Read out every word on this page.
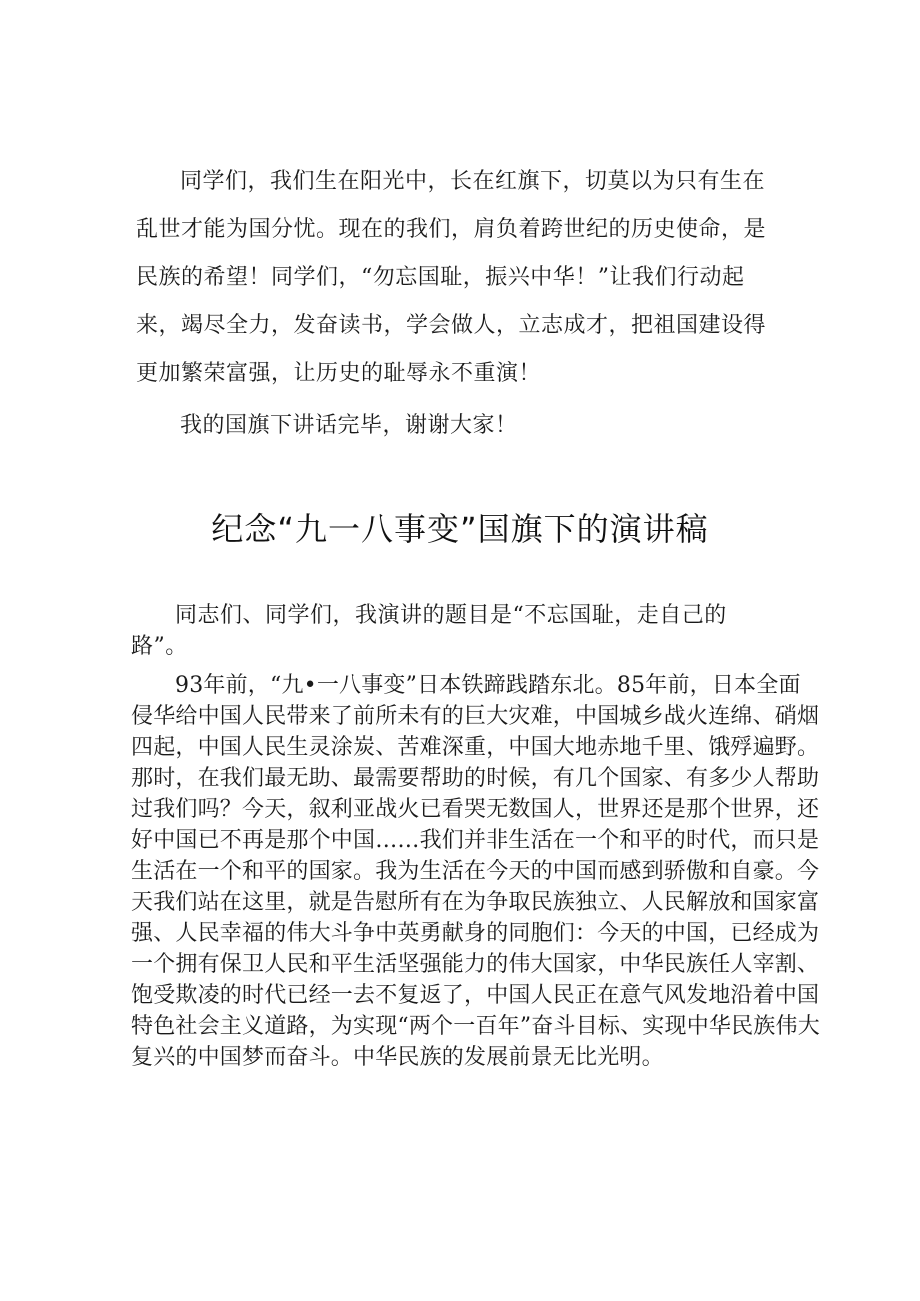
同学们，我们生在阳光中，长在红旗下，切莫以为只有生在乱世才能为国分忧。现在的我们，肩负着跨世纪的历史使命，是民族的希望！同学们，“勿忘国耻，振兴中华！”让我们行动起来，竭尽全力，发奋读书，学会做人，立志成才，把祖国建设得更加繁荣富强，让历史的耻辱永不重演！

我的国旗下讲话完毕，谢谢大家！

纪念“九一八事变”国旗下的演讲稿

同志们、同学们，我演讲的题目是“不忘国耻，走自己的路”。

93年前，“九•一八事变”日本铁蹄践踏东北。85年前，日本全面侵华给中国人民带来了前所未有的巨大灾难，中国城乡战火连绵、硝烟四起，中国人民生灵涂炭、苦难深重，中国大地赤地千里、饿殍遍野。那时，在我们最无助、最需要帮助的时候，有几个国家、有多少人帮助过我们吗？今天，叙利亚战火已看哭无数国人，世界还是那个世界，还好中国已不再是那个中国……我们并非生活在一个和平的时代，而只是生活在一个和平的国家。我为生活在今天的中国而感到骄傲和自豪。今天我们站在这里，就是告慰所有在为争取民族独立、人民解放和国家富强、人民幸福的伟大斗争中英勇献身的同胞们：今天的中国，已经成为一个拥有保卫人民和平生活坚强能力的伟大国家，中华民族任人宰割、饱受欺凌的时代已经一去不复返了，中国人民正在意气风发地沿着中国特色社会主义道路，为实现“两个一百年”奋斗目标、实现中华民族伟大复兴的中国梦而奋斗。中华民族的发展前景无比光明。
